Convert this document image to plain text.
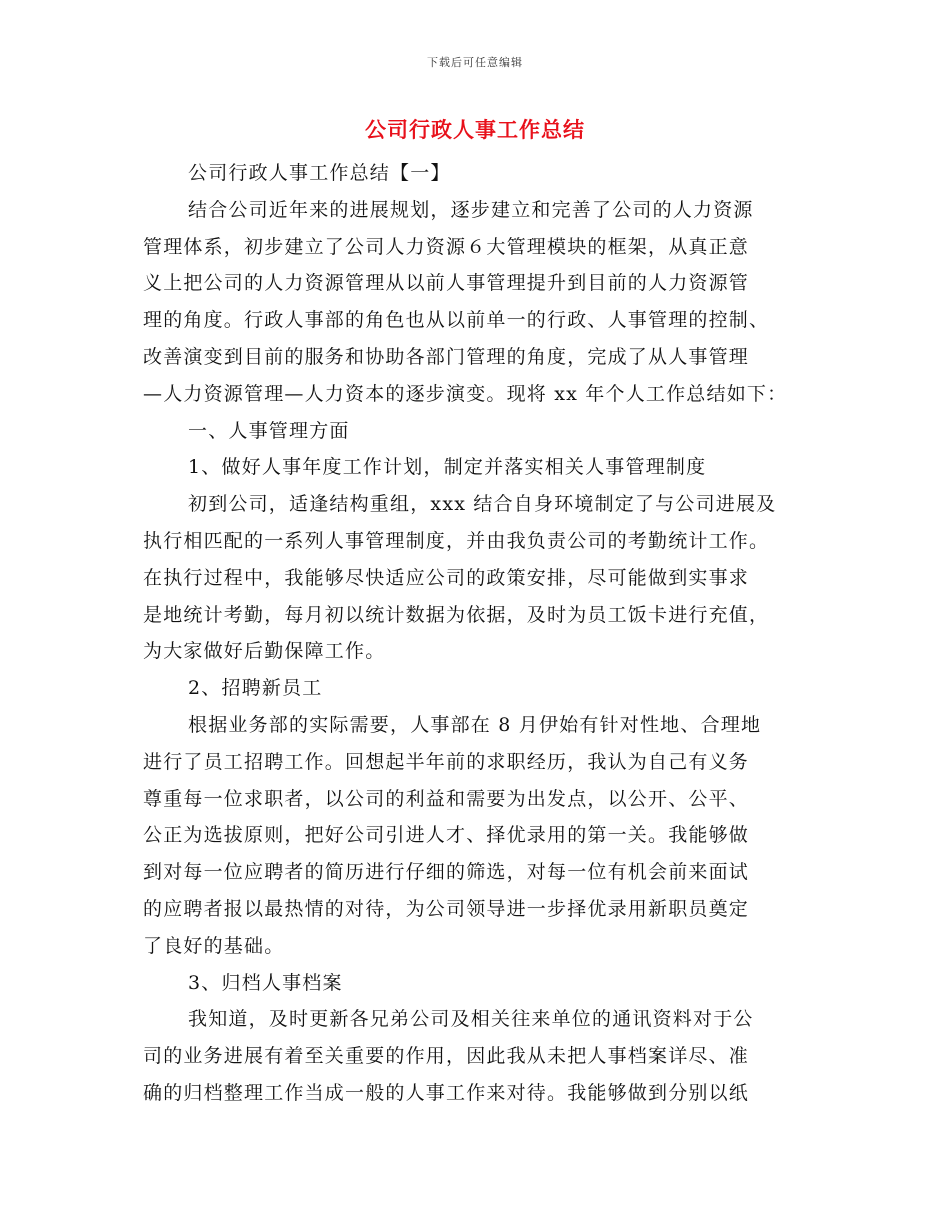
下载后可任意编辑
公司行政人事工作总结
公司行政人事工作总结【一】
结合公司近年来的进展规划，逐步建立和完善了公司的人力资源
管理体系，初步建立了公司人力资源６大管理模块的框架，从真正意
义上把公司的人力资源管理从以前人事管理提升到目前的人力资源管
理的角度。行政人事部的角色也从以前单一的行政、人事管理的控制、
改善演变到目前的服务和协助各部门管理的角度，完成了从人事管理
—人力资源管理—人力资本的逐步演变。现将 xx 年个人工作总结如下：
一、人事管理方面
1、做好人事年度工作计划，制定并落实相关人事管理制度
初到公司，适逢结构重组，xxx 结合自身环境制定了与公司进展及
执行相匹配的一系列人事管理制度，并由我负责公司的考勤统计工作。
在执行过程中，我能够尽快适应公司的政策安排，尽可能做到实事求
是地统计考勤，每月初以统计数据为依据，及时为员工饭卡进行充值，
为大家做好后勤保障工作。
2、招聘新员工
根据业务部的实际需要，人事部在 8 月伊始有针对性地、合理地
进行了员工招聘工作。回想起半年前的求职经历，我认为自己有义务
尊重每一位求职者，以公司的利益和需要为出发点，以公开、公平、
公正为选拔原则，把好公司引进人才、择优录用的第一关。我能够做
到对每一位应聘者的简历进行仔细的筛选，对每一位有机会前来面试
的应聘者报以最热情的对待，为公司领导进一步择优录用新职员奠定
了良好的基础。
3、归档人事档案
我知道，及时更新各兄弟公司及相关往来单位的通讯资料对于公
司的业务进展有着至关重要的作用，因此我从未把人事档案详尽、准
确的归档整理工作当成一般的人事工作来对待。我能够做到分别以纸
